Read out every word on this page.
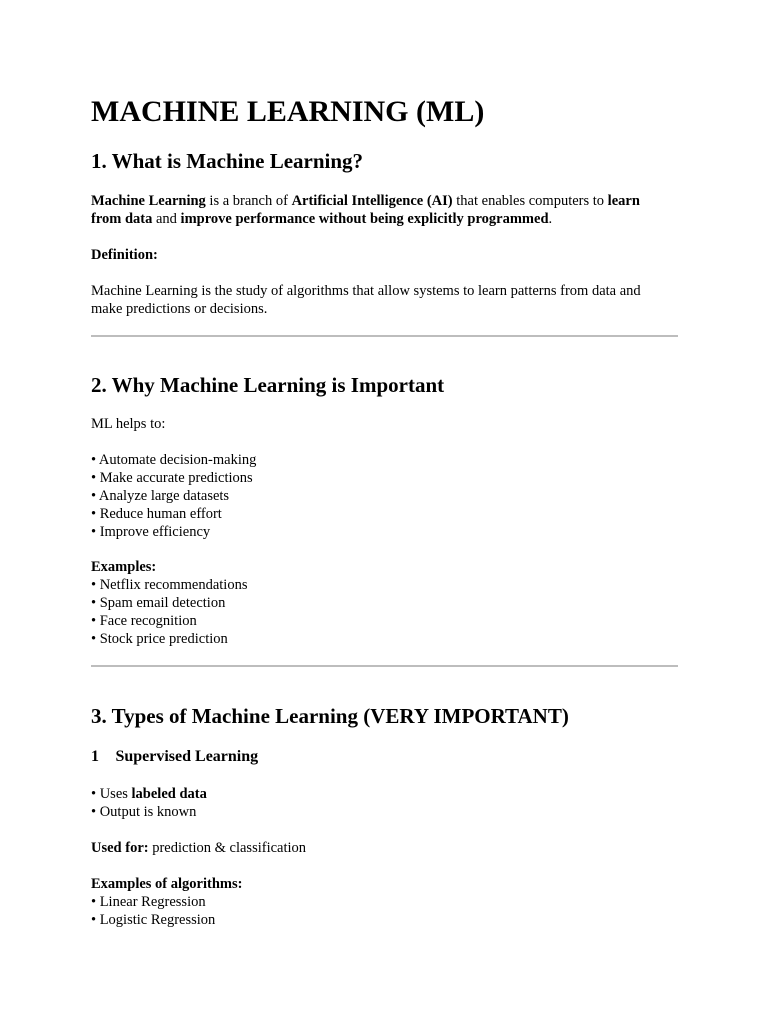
MACHINE LEARNING (ML)
1. What is Machine Learning?
Machine Learning is a branch of Artificial Intelligence (AI) that enables computers to learn
from data and improve performance without being explicitly programmed.
Definition:
Machine Learning is the study of algorithms that allow systems to learn patterns from data and
make predictions or decisions.
2. Why Machine Learning is Important
ML helps to:
• Automate decision-making
• Make accurate predictions
• Analyze large datasets
• Reduce human effort
• Improve efficiency
Examples:
• Netflix recommendations
• Spam email detection
• Face recognition
• Stock price prediction
3. Types of Machine Learning (VERY IMPORTANT)
1⃣ Supervised Learning
• Uses labeled data
• Output is known
Used for: prediction & classification
Examples of algorithms:
• Linear Regression
• Logistic Regression
